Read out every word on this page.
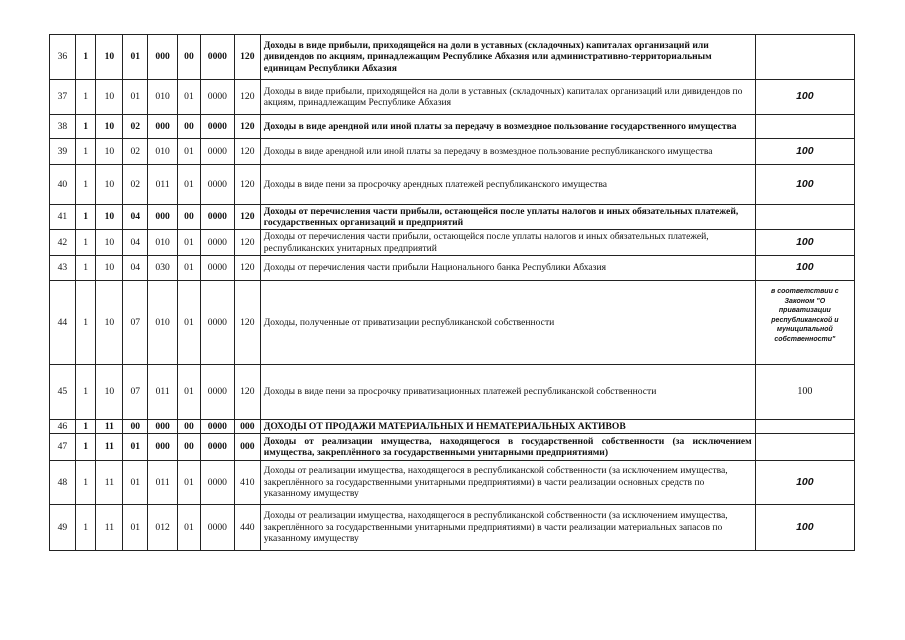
36	1	10	01	000	00	0000	120	Доходы в виде прибыли, приходящейся на доли в уставных (складочных) капиталах организаций или дивидендов по акциям, принадлежащим Республике Абхазия или административно-территориальным единицам Республики Абхазия	
37	1	10	01	010	01	0000	120	Доходы в виде прибыли, приходящейся на доли в уставных (складочных) капиталах организаций или дивидендов по акциям, принадлежащим Республике Абхазия	100
38	1	10	02	000	00	0000	120	Доходы в виде арендной или иной платы за передачу в возмездное пользование государственного имущества	
39	1	10	02	010	01	0000	120	Доходы в виде арендной или иной платы за передачу в возмездное пользование республиканского имущества	100
40	1	10	02	011	01	0000	120	Доходы в виде пени за просрочку арендных платежей республиканского имущества	100
41	1	10	04	000	00	0000	120	Доходы от перечисления части прибыли, остающейся после уплаты налогов и иных обязательных платежей, государственных организаций и предприятий	
42	1	10	04	010	01	0000	120	Доходы от перечисления части прибыли, остающейся после уплаты налогов и иных обязательных платежей, республиканских унитарных предприятий	100
43	1	10	04	030	01	0000	120	Доходы от перечисления части прибыли Национального банка Республики Абхазия	100
44	1	10	07	010	01	0000	120	Доходы, полученные от приватизации республиканской собственности	в соответствии с Законом "О приватизации республиканской и муниципальной собственности"
45	1	10	07	011	01	0000	120	Доходы в виде пени за просрочку приватизационных платежей республиканской собственности	100
46	1	11	00	000	00	0000	000	ДОХОДЫ ОТ ПРОДАЖИ МАТЕРИАЛЬНЫХ И НЕМАТЕРИАЛЬНЫХ АКТИВОВ	
47	1	11	01	000	00	0000	000	Доходы от реализации имущества, находящегося в государственной собственности (за исключением имущества, закреплённого за государственными унитарными предприятиями)	
48	1	11	01	011	01	0000	410	Доходы от реализации имущества, находящегося в республиканской собственности (за исключением имущества, закреплённого за государственными унитарными предприятиями) в части реализации основных средств по указанному имуществу	100
49	1	11	01	012	01	0000	440	Доходы от реализации имущества, находящегося в республиканской собственности (за исключением имущества, закреплённого за государственными унитарными предприятиями) в части реализации материальных запасов по указанному имуществу	100
